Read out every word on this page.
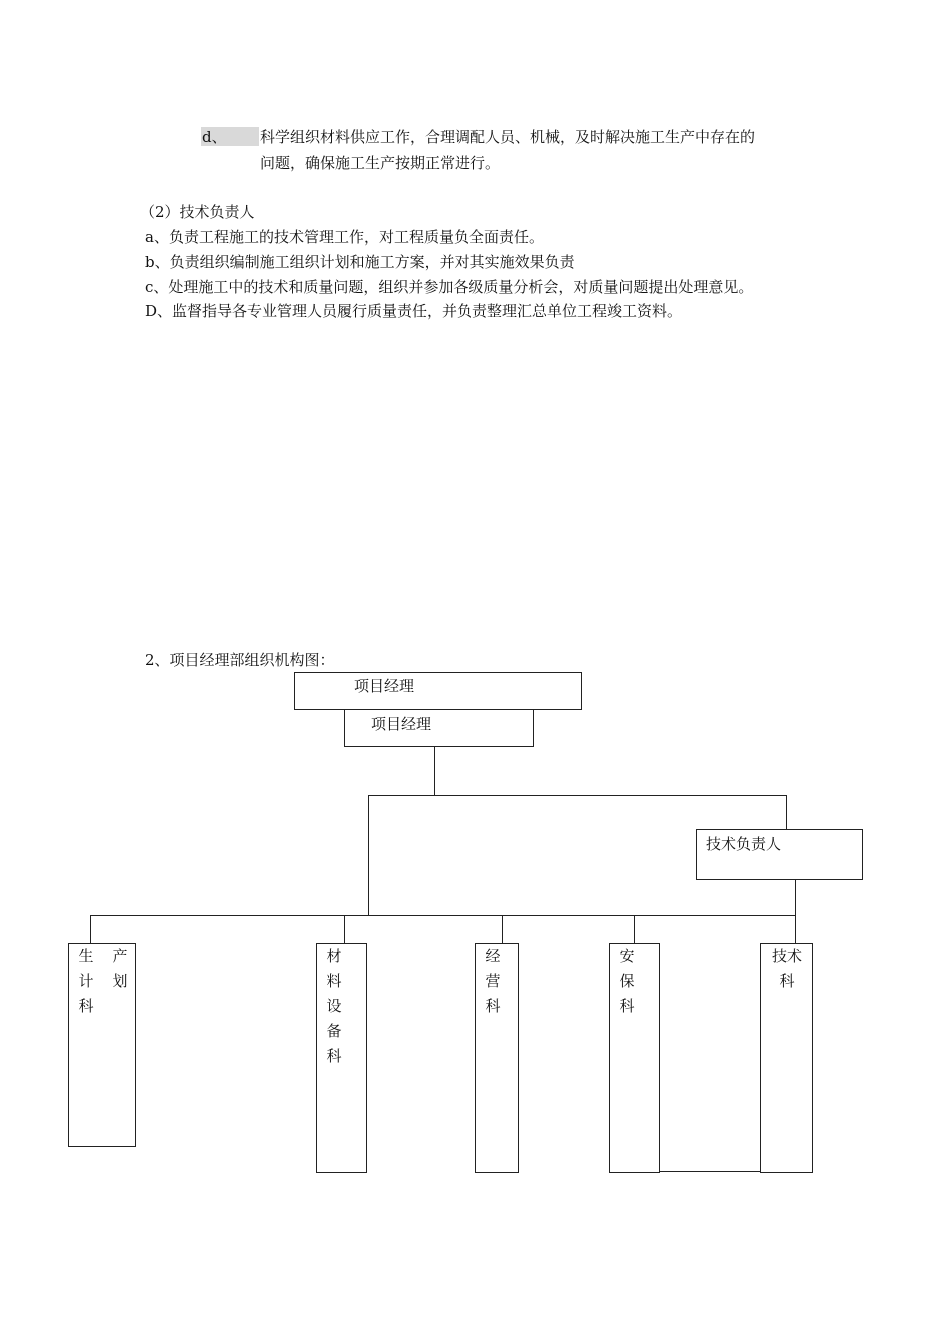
d、 科学组织材料供应工作，合理调配人员、机械，及时解决施工生产中存在的
问题，确保施工生产按期正常进行。
（2）技术负责人
a、负责工程施工的技术管理工作，对工程质量负全面责任。
b、负责组织编制施工组织计划和施工方案，并对其实施效果负责
c、处理施工中的技术和质量问题，组织并参加各级质量分析会，对质量问题提出处理意见。
D、监督指导各专业管理人员履行质量责任，并负责整理汇总单位工程竣工资料。
2、项目经理部组织机构图：
项目经理
项目经理
技术负责人
生计科
产划
材料设备科
经营科
安保科
技术科
